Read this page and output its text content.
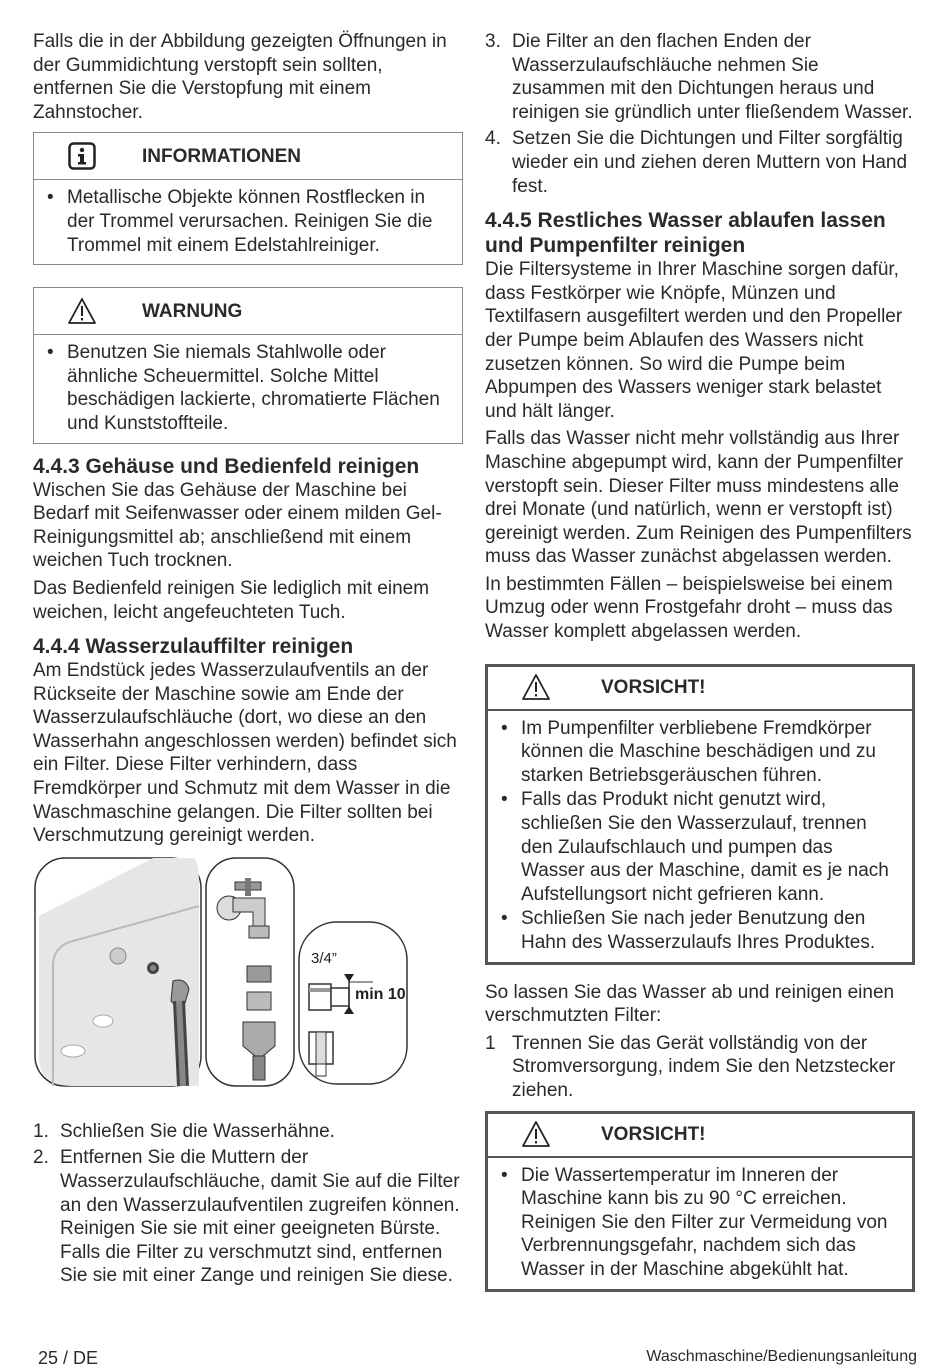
Falls die in der Abbildung gezeigten Öffnungen in der Gummidichtung verstopft sein sollten, entfernen Sie die Verstopfung mit einem Zahnstocher.

INFORMATIONEN
• Metallische Objekte können Rostflecken in der Trommel verursachen. Reinigen Sie die Trommel mit einem Edelstahlreiniger.
WARNUNG
• Benutzen Sie niemals Stahlwolle oder ähnliche Scheuermittel. Solche Mittel beschädigen lackierte, chromatierte Flächen und Kunststoffteile.
4.4.3 Gehäuse und Bedienfeld reinigen

Wischen Sie das Gehäuse der Maschine bei Bedarf mit Seifenwasser oder einem milden Gel-Reinigungsmittel ab; anschließend mit einem weichen Tuch trocknen.

Das Bedienfeld reinigen Sie lediglich mit einem weichen, leicht angefeuchteten Tuch.

4.4.4 Wasserzulauffilter reinigen

Am Endstück jedes Wasserzulaufventils an der Rückseite der Maschine sowie am Ende der Wasserzulaufschläuche (dort, wo diese an den Wasserhahn angeschlossen werden) befindet sich ein Filter. Diese Filter verhindern, dass Fremdkörper und Schmutz mit dem Wasser in die Waschmaschine gelangen. Die Filter sollten bei Verschmutzung gereinigt werden.

3/4”
min 10
1. Schließen Sie die Wasserhähne.
2. Entfernen Sie die Muttern der Wasserzulaufschläuche, damit Sie auf die Filter an den Wasserzulaufventilen zugreifen können. Reinigen Sie sie mit einer geeigneten Bürste. Falls die Filter zu verschmutzt sind, entfernen Sie sie mit einer Zange und reinigen Sie diese.
3. Die Filter an den flachen Enden der Wasserzulaufschläuche nehmen Sie zusammen mit den Dichtungen heraus und reinigen sie gründlich unter fließendem Wasser.
4. Setzen Sie die Dichtungen und Filter sorgfältig wieder ein und ziehen deren Muttern von Hand fest.
4.4.5 Restliches Wasser ablaufen lassen und Pumpenfilter reinigen

Die Filtersysteme in Ihrer Maschine sorgen dafür, dass Festkörper wie Knöpfe, Münzen und Textilfasern ausgefiltert werden und den Propeller der Pumpe beim Ablaufen des Wassers nicht zusetzen können. So wird die Pumpe beim Abpumpen des Wassers weniger stark belastet und hält länger.

Falls das Wasser nicht mehr vollständig aus Ihrer Maschine abgepumpt wird, kann der Pumpenfilter verstopft sein. Dieser Filter muss mindestens alle drei Monate (und natürlich, wenn er verstopft ist) gereinigt werden. Zum Reinigen des Pumpenfilters muss das Wasser zunächst abgelassen werden.

In bestimmten Fällen – beispielsweise bei einem Umzug oder wenn Frostgefahr droht – muss das Wasser komplett abgelassen werden.

VORSICHT!
• Im Pumpenfilter verbliebene Fremdkörper können die Maschine beschädigen und zu starken Betriebsgeräuschen führen.
• Falls das Produkt nicht genutzt wird, schließen Sie den Wasserzulauf, trennen den Zulaufschlauch und pumpen das Wasser aus der Maschine, damit es je nach Aufstellungsort nicht gefrieren kann.
• Schließen Sie nach jeder Benutzung den Hahn des Wasserzulaufs Ihres Produktes.

So lassen Sie das Wasser ab und reinigen einen verschmutzten Filter:

1 Trennen Sie das Gerät vollständig von der Stromversorgung, indem Sie den Netzstecker ziehen.
VORSICHT!
• Die Wassertemperatur im Inneren der Maschine kann bis zu 90 °C erreichen. Reinigen Sie den Filter zur Vermeidung von Verbrennungsgefahr, nachdem sich das Wasser in der Maschine abgekühlt hat.
25 / DE	Waschmaschine/Bedienungsanleitung
